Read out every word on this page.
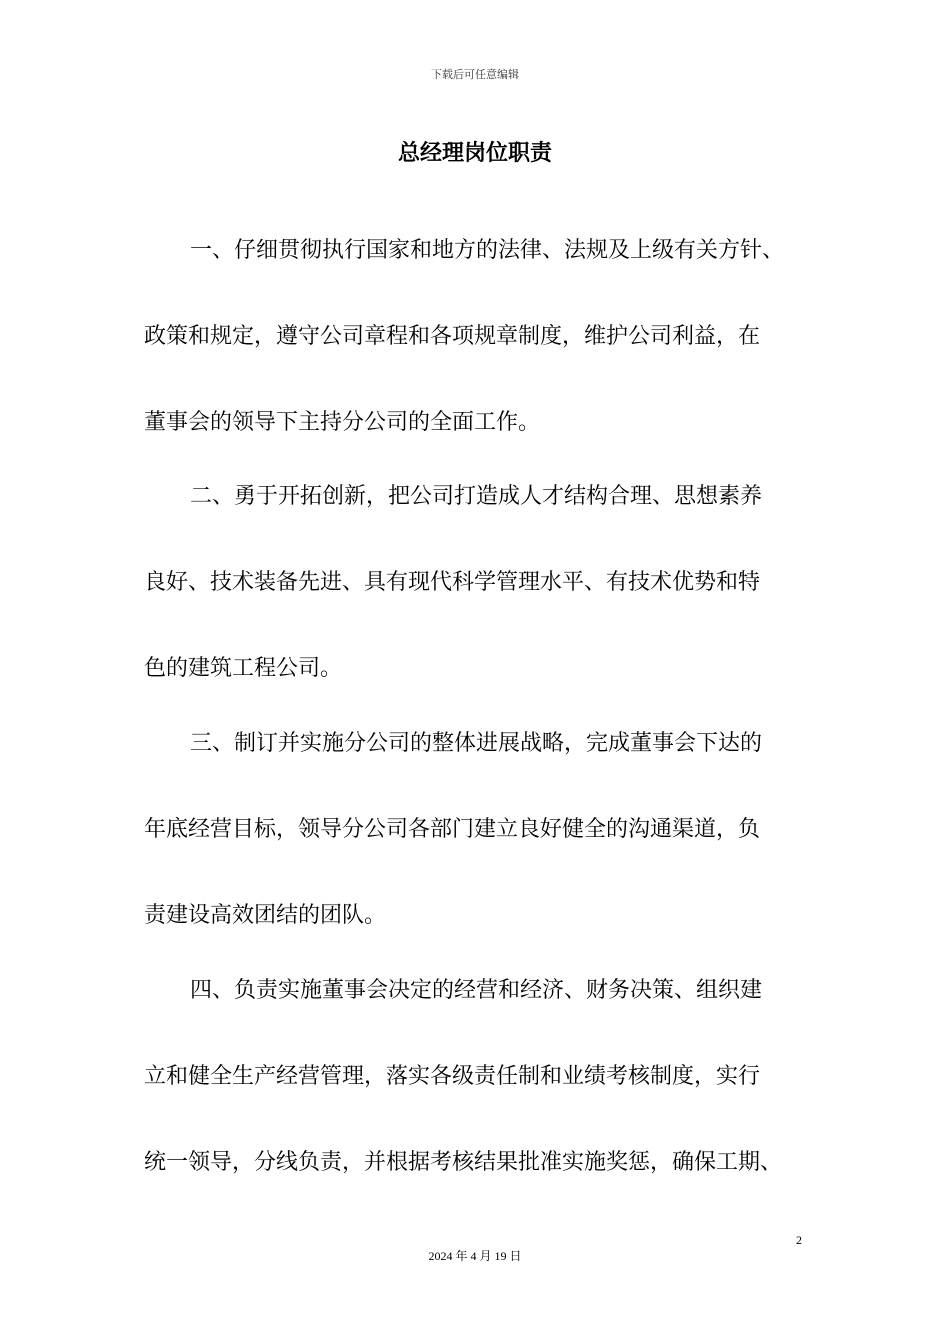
下载后可任意编辑
总经理岗位职责
一、仔细贯彻执行国家和地方的法律、法规及上级有关方针、
政策和规定，遵守公司章程和各项规章制度，维护公司利益，在
董事会的领导下主持分公司的全面工作。
二、勇于开拓创新，把公司打造成人才结构合理、思想素养
良好、技术装备先进、具有现代科学管理水平、有技术优势和特
色的建筑工程公司。
三、制订并实施分公司的整体进展战略，完成董事会下达的
年底经营目标，领导分公司各部门建立良好健全的沟通渠道，负
责建设高效团结的团队。
四、负责实施董事会决定的经营和经济、财务决策、组织建
立和健全生产经营管理，落实各级责任制和业绩考核制度，实行
统一领导，分线负责，并根据考核结果批准实施奖惩，确保工期、
2
2024 年 4 月 19 日
